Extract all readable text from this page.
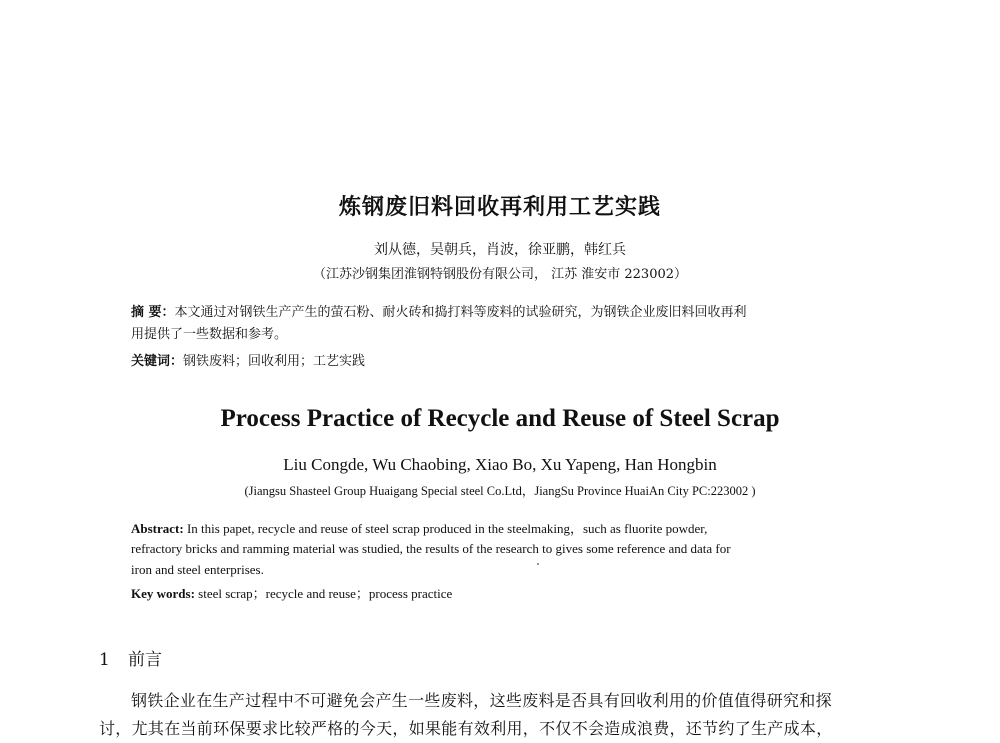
炼钢废旧料回收再利用工艺实践
刘从德，吴朝兵，肖波，徐亚鹏，韩红兵
（江苏沙钢集团淮钢特钢股份有限公司， 江苏 淮安市 223002）
摘 要：本文通过对钢铁生产产生的萤石粉、耐火砖和捣打料等废料的试验研究，为钢铁企业废旧料回收再利
用提供了一些数据和参考。
关键词：钢铁废料；回收利用；工艺实践
Process Practice of Recycle and Reuse of Steel Scrap
Liu Congde, Wu Chaobing, Xiao Bo, Xu Yapeng, Han Hongbin
(Jiangsu Shasteel Group Huaigang Special steel Co.Ltd，JiangSu Province HuaiAn City PC:223002 )
Abstract: In this papet, recycle and reuse of steel scrap produced in the steelmaking，such as fluorite powder,
refractory bricks and ramming material was studied, the results of the research to gives some reference and data for
iron and steel enterprises.
Key words: steel scrap；recycle and reuse；process practice
1 前言
钢铁企业在生产过程中不可避免会产生一些废料，这些废料是否具有回收利用的价值值得研究和探
讨，尤其在当前环保要求比较严格的今天，如果能有效利用，不仅不会造成浪费，还节约了生产成本，
